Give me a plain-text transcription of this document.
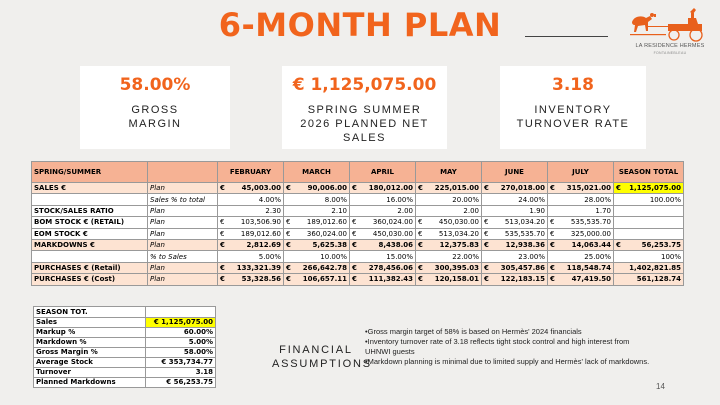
6-MONTH PLAN
LA RESIDENCE HERMES
FONTAINEBLEAU
58.00%
GROSS
MARGIN
€ 1,125,075.00
SPRING SUMMER
2026 PLANNED NET
SALES
3.18
INVENTORY
TURNOVER RATE
SPRING/SUMMER		FEBRUARY	MARCH	APRIL	MAY	JUNE	JULY	SEASON TOTAL
SALES €	Plan	€ 45,003.00	€ 90,006.00	€ 180,012.00	€ 225,015.00	€ 270,018.00	€ 315,021.00	€ 1,125,075.00

	Sales % to total	4.00%	8.00%	16.00%	20.00%	24.00%	28.00%	100.00%

STOCK/SALES RATIO	Plan	2.30	2.10	2.00	2.00	1.90	1.70	

BOM STOCK € (RETAIL)	Plan	€ 103,506.90	€ 189,012.60	€ 360,024.00	€ 450,030.00	€ 513,034.20	€ 535,535.70	

EOM STOCK €	Plan	€ 189,012.60	€ 360,024.00	€ 450,030.00	€ 513,034.20	€ 535,535.70	€ 325,000.00	

MARKDOWNS €	Plan	€ 2,812.69	€ 5,625.38	€ 8,438.06	€ 12,375.83	€ 12,938.36	€ 14,063.44	€ 56,253.75

	% to Sales	5.00%	10.00%	15.00%	22.00%	23.00%	25.00%	100%

PURCHASES € (Retail)	Plan	€ 133,321.39	€ 266,642.78	€ 278,456.06	€ 300,395.03	€ 305,457.86	€ 118,548.74	1,402,821.85

PURCHASES € (Cost)	Plan	€ 53,328.56	€ 106,657.11	€ 111,382.43	€ 120,158.01	€ 122,183.15	€ 47,419.50	561,128.74
SEASON TOT.	
Sales	€ 1,125,075.00
Markup %	60.00%
Markdown %	5.00%
Gross Margin %	58.00%
Average Stock	€ 353,734.77
Turnover	3.18
Planned Markdowns	€ 56,253.75
FINANCIAL
ASSUMPTIONS
•Gross margin target of 58% is based on Hermès' 2024 financials
•Inventory turnover rate of 3.18 reflects tight stock control and high interest from UHNWI guests
•Markdown planning is minimal due to limited supply and Hermès' lack of markdowns.
14
